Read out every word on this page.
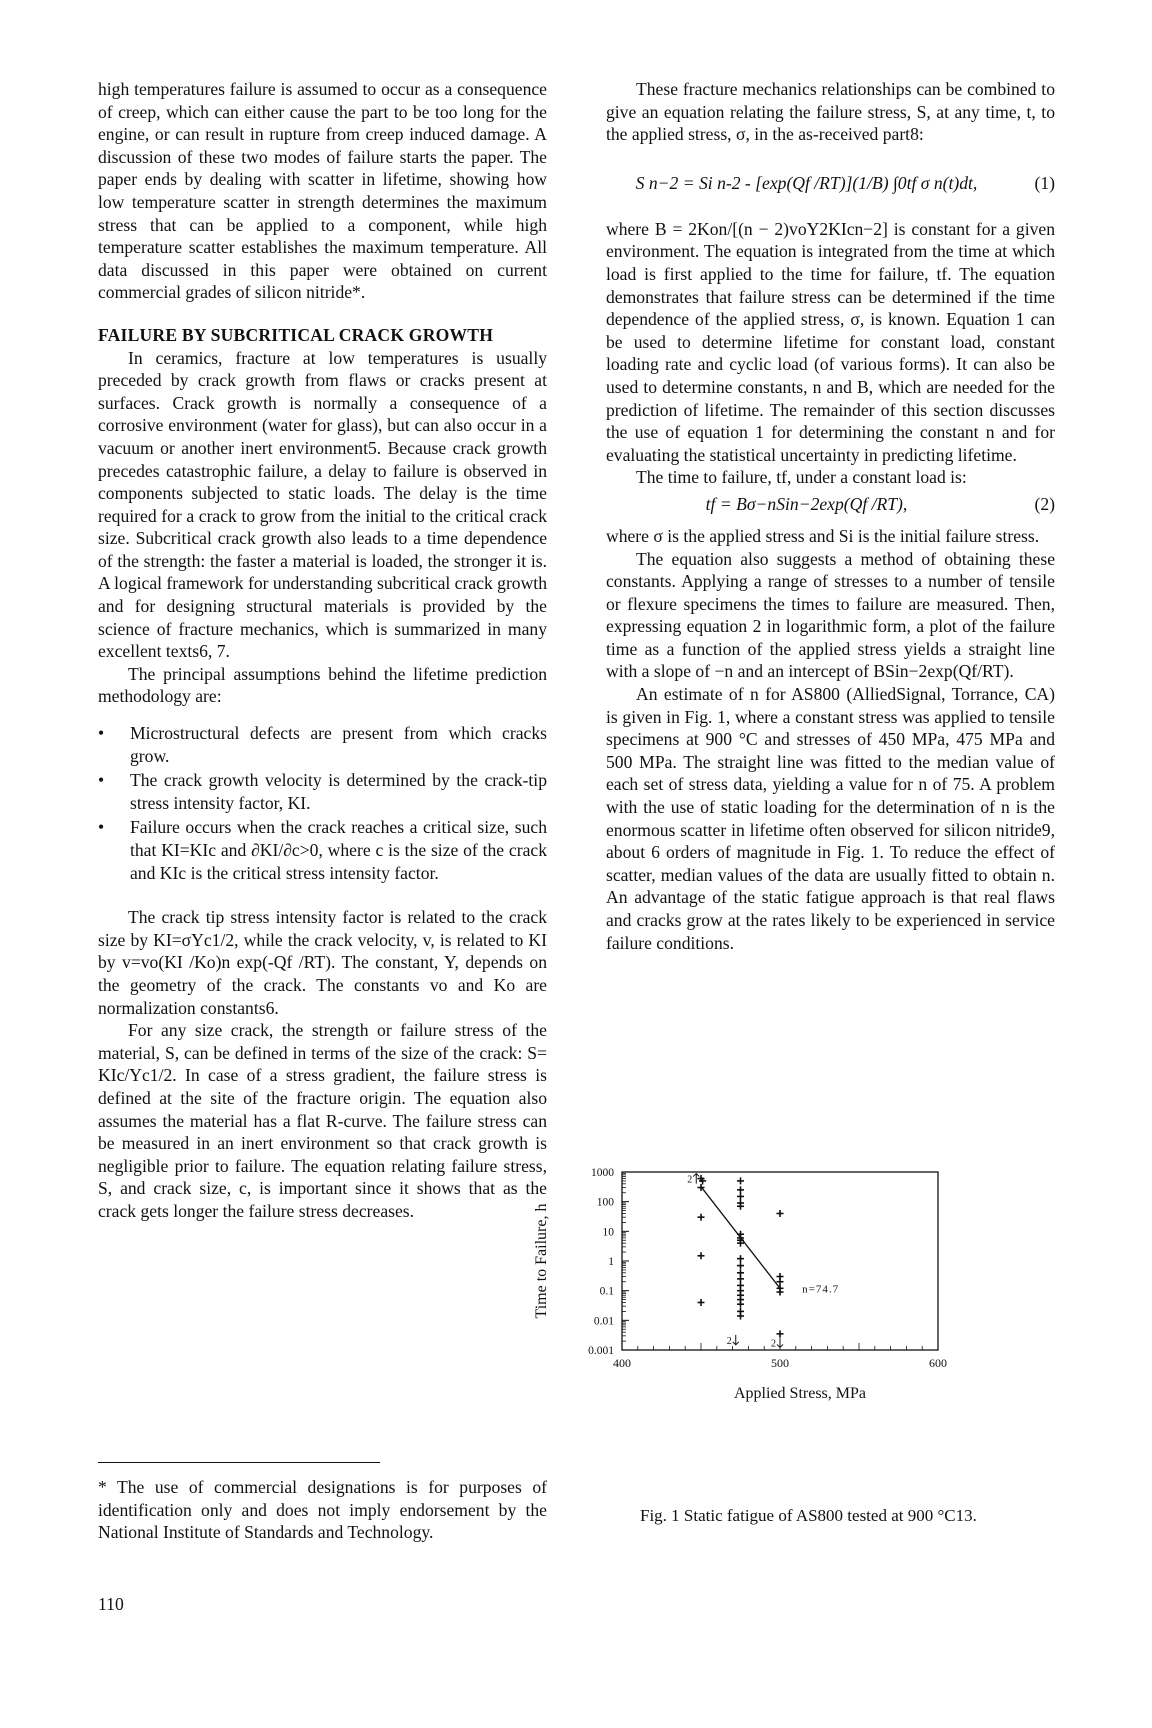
high temperatures failure is assumed to occur as a consequence of creep, which can either cause the part to be too long for the engine, or can result in rupture from creep induced damage. A discussion of these two modes of failure starts the paper. The paper ends by dealing with scatter in lifetime, showing how low temperature scatter in strength determines the maximum stress that can be applied to a component, while high temperature scatter establishes the maximum temperature. All data discussed in this paper were obtained on current commercial grades of silicon nitride*.

FAILURE BY SUBCRITICAL CRACK GROWTH

In ceramics, fracture at low temperatures is usually preceded by crack growth from flaws or cracks present at surfaces. Crack growth is normally a consequence of a corrosive environment (water for glass), but can also occur in a vacuum or another inert environment5. Because crack growth precedes catastrophic failure, a delay to failure is observed in components subjected to static loads. The delay is the time required for a crack to grow from the initial to the critical crack size. Subcritical crack growth also leads to a time dependence of the strength: the faster a material is loaded, the stronger it is. A logical framework for understanding subcritical crack growth and for designing structural materials is provided by the science of fracture mechanics, which is summarized in many excellent texts6, 7.

The principal assumptions behind the lifetime prediction methodology are:

• Microstructural defects are present from which cracks grow.
• The crack growth velocity is determined by the crack-tip stress intensity factor, KI.
• Failure occurs when the crack reaches a critical size, such that KI=KIc and ∂KI/∂c>0, where c is the size of the crack and KIc is the critical stress intensity factor.

The crack tip stress intensity factor is related to the crack size by KI=σYc1/2, while the crack velocity, v, is related to KI by v=vo(KI /Ko)n exp(-Qf /RT). The constant, Y, depends on the geometry of the crack. The constants vo and Ko are normalization constants6.

For any size crack, the strength or failure stress of the material, S, can be defined in terms of the size of the crack: S= KIc/Yc1/2. In case of a stress gradient, the failure stress is defined at the site of the fracture origin. The equation also assumes the material has a flat R-curve. The failure stress can be measured in an inert environment so that crack growth is negligible prior to failure. The equation relating failure stress, S, and crack size, c, is important since it shows that as the crack gets longer the failure stress decreases.

* The use of commercial designations is for purposes of identification only and does not imply endorsement by the National Institute of Standards and Technology.
110

These fracture mechanics relationships can be combined to give an equation relating the failure stress, S, at any time, t, to the applied stress, σ, in the as-received part8:

S n−2 = Si n-2 - [exp(Qf /RT)](1/B) ∫0tf σ n(t)dt,	(1)

where B = 2Kon/[(n − 2)voY2KIcn−2] is constant for a given environment. The equation is integrated from the time at which load is first applied to the time for failure, tf. The equation demonstrates that failure stress can be determined if the time dependence of the applied stress, σ, is known. Equation 1 can be used to determine lifetime for constant load, constant loading rate and cyclic load (of various forms). It can also be used to determine constants, n and B, which are needed for the prediction of lifetime. The remainder of this section discusses the use of equation 1 for determining the constant n and for evaluating the statistical uncertainty in predicting lifetime.

The time to failure, tf, under a constant load is:

tf = Bσ−nSin−2exp(Qf /RT),	(2)

where σ is the applied stress and Si is the initial failure stress.

The equation also suggests a method of obtaining these constants. Applying a range of stresses to a number of tensile or flexure specimens the times to failure are measured. Then, expressing equation 2 in logarithmic form, a plot of the failure time as a function of the applied stress yields a straight line with a slope of −n and an intercept of BSin−2exp(Qf/RT).

An estimate of n for AS800 (AlliedSignal, Torrance, CA) is given in Fig. 1, where a constant stress was applied to tensile specimens at 900 °C and stresses of 450 MPa, 475 MPa and 500 MPa. The straight line was fitted to the median value of each set of stress data, yielding a value for n of 75. A problem with the use of static loading for the determination of n is the enormous scatter in lifetime often observed for silicon nitride9, about 6 orders of magnitude in Fig. 1. To reduce the effect of scatter, median values of the data are usually fitted to obtain n. An advantage of the static fatigue approach is that real flaws and cracks grow at the rates likely to be experienced in service failure conditions.

0.001
0.01
0.1
1
10
100
1000
400	500	600
Applied Stress, MPa
Time to Failure, h	n=74.7
2
2	2
Fig. 1 Static fatigue of AS800 tested at 900 °C13.
